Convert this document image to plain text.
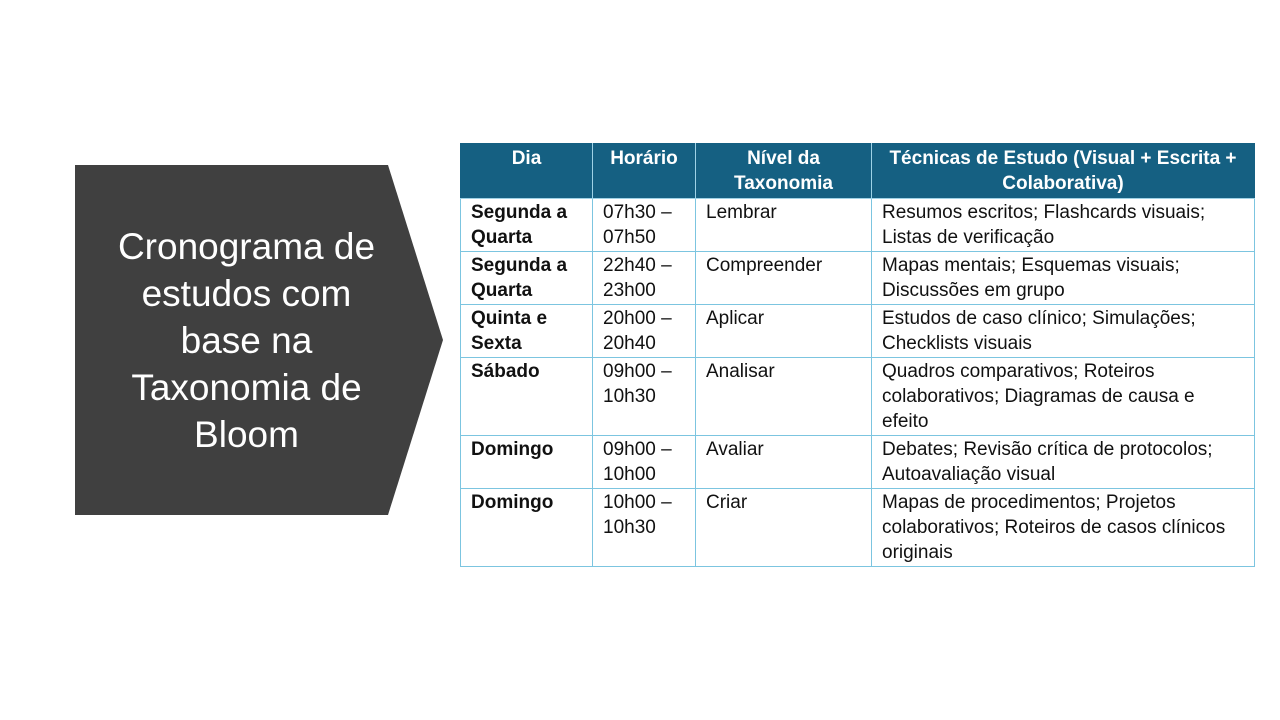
Cronograma de estudos com base na Taxonomia de Bloom
Dia	Horário	Nível da Taxonomia	Técnicas de Estudo (Visual + Escrita + Colaborativa)
Segunda a Quarta	07h30 – 07h50	Lembrar	Resumos escritos; Flashcards visuais; Listas de verificação
Segunda a Quarta	22h40 – 23h00	Compreender	Mapas mentais; Esquemas visuais; Discussões em grupo
Quinta e Sexta	20h00 – 20h40	Aplicar	Estudos de caso clínico; Simulações; Checklists visuais
Sábado	09h00 – 10h30	Analisar	Quadros comparativos; Roteiros colaborativos; Diagramas de causa e efeito
Domingo	09h00 – 10h00	Avaliar	Debates; Revisão crítica de protocolos; Autoavaliação visual
Domingo	10h00 – 10h30	Criar	Mapas de procedimentos; Projetos colaborativos; Roteiros de casos clínicos originais
